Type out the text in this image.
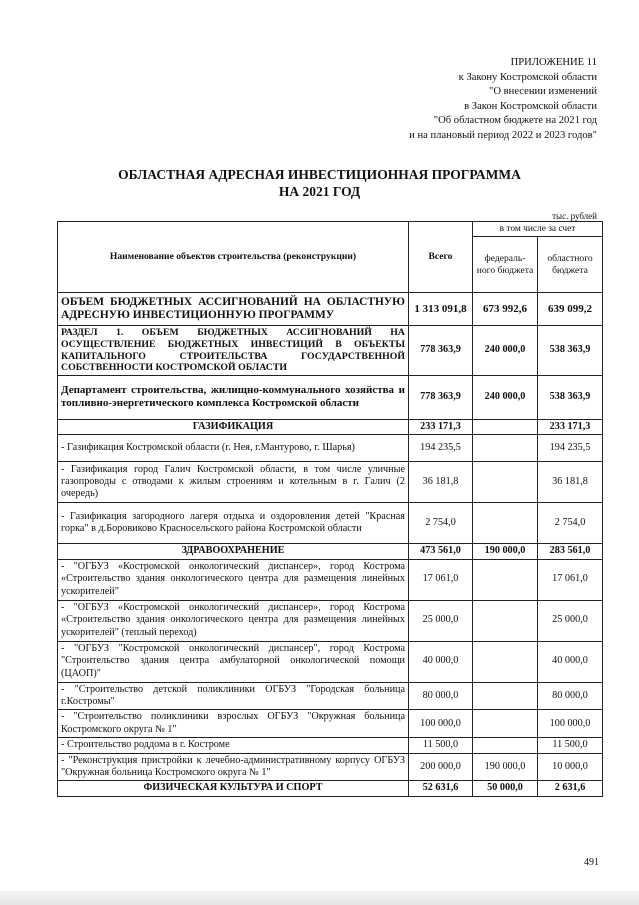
ПРИЛОЖЕНИЕ 11
к Закону Костромской области
"О внесении изменений
в Закон Костромской области
"Об областном бюджете на 2021 год
и на плановый период 2022 и 2023 годов"
ОБЛАСТНАЯ АДРЕСНАЯ ИНВЕСТИЦИОННАЯ ПРОГРАММА
НА 2021 ГОД
тыс. рублей
Наименование объектов строительства (реконструкции)	Всего	в том числе за счет	
		федераль-ного бюджета	областного бюджета
ОБЪЕМ БЮДЖЕТНЫХ АССИГНОВАНИЙ НА ОБЛАСТНУЮ АДРЕСНУЮ ИНВЕСТИЦИОННУЮ ПРОГРАММУ	1 313 091,8	673 992,6	639 099,2
РАЗДЕЛ 1. ОБЪЕМ БЮДЖЕТНЫХ АССИГНОВАНИЙ НА ОСУЩЕСТВЛЕНИЕ БЮДЖЕТНЫХ ИНВЕСТИЦИЙ В ОБЪЕКТЫ КАПИТАЛЬНОГО СТРОИТЕЛЬСТВА ГОСУДАРСТВЕННОЙ СОБСТВЕННОСТИ КОСТРОМСКОЙ ОБЛАСТИ	778 363,9	240 000,0	538 363,9
Департамент строительства, жилищно-коммунального хозяйства и топливно-энергетического комплекса Костромской области	778 363,9	240 000,0	538 363,9
ГАЗИФИКАЦИЯ	233 171,3		233 171,3
- Газификация Костромской области (г. Нея, г.Мантурово, г. Шарья)	194 235,5		194 235,5
- Газификация город Галич Костромской области, в том числе уличные газопроводы с отводами к жилым строениям и котельным в г. Галич (2 очередь)	36 181,8		36 181,8
- Газификация загородного лагеря отдыха и оздоровления детей "Красная горка" в д.Боровиково Красносельского района Костромской области	2 754,0		2 754,0
ЗДРАВООХРАНЕНИЕ	473 561,0	190 000,0	283 561,0
- "ОГБУЗ «Костромской онкологический диспансер», город Кострома «Строительство здания онкологического центра для размещения линейных ускорителей"	17 061,0		17 061,0
- "ОГБУЗ «Костромской онкологический диспансер», город Кострома «Строительство здания онкологического центра для размещения линейных ускорителей" (теплый переход)	25 000,0		25 000,0
- "ОГБУЗ "Костромской онкологический диспансер", город Кострома "Строительство здания центра амбулаторной онкологической помощи (ЦАОП)"	40 000,0		40 000,0
- "Строительство детской поликлиники ОГБУЗ "Городская больница г.Костромы"	80 000,0		80 000,0
- "Строительство поликлиники взрослых ОГБУЗ "Окружная больница Костромского округа № 1"	100 000,0		100 000,0
- Строительство роддома в г. Костроме	11 500,0		11 500,0
- "Реконструкция пристройки к лечебно-административному корпусу ОГБУЗ "Окружная больница Костромского округа № 1"	200 000,0	190 000,0	10 000,0
ФИЗИЧЕСКАЯ КУЛЬТУРА И СПОРТ	52 631,6	50 000,0	2 631,6
491
